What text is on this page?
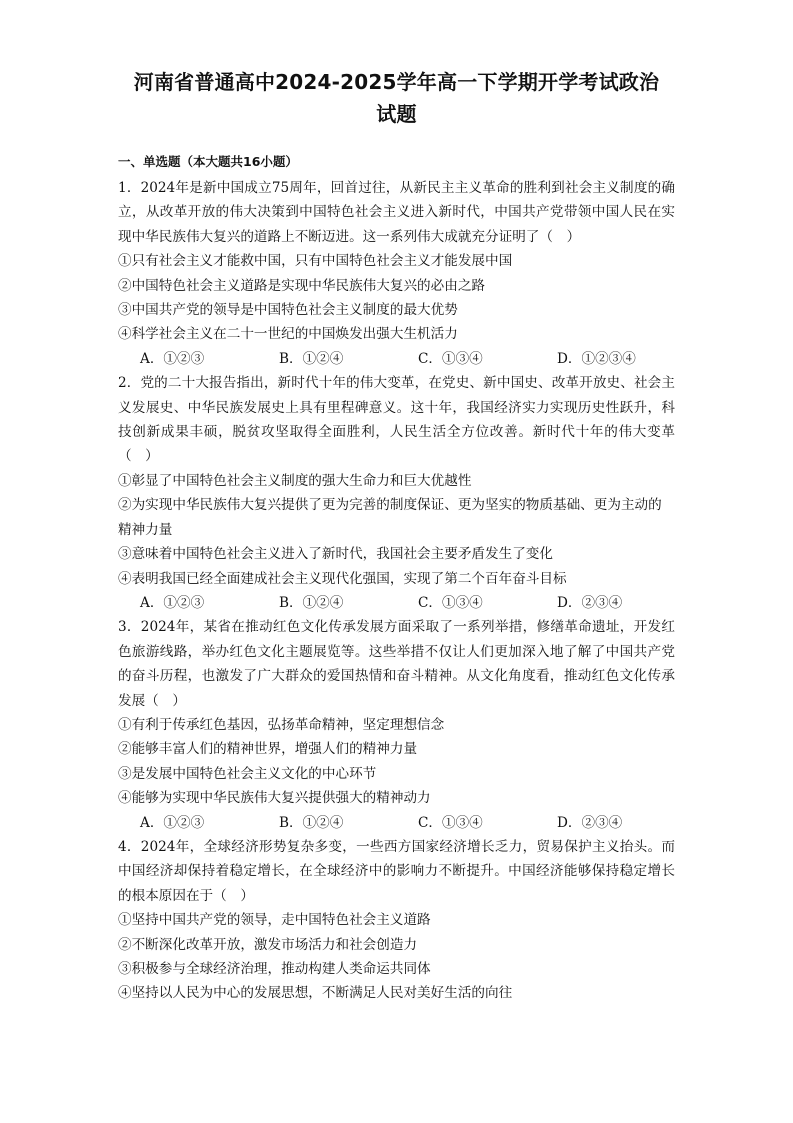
河南省普通高中2024-2025学年高一下学期开学考试政治
试题
一、单选题（本大题共16小题）

1．2024年是新中国成立75周年，回首过往，从新民主主义革命的胜利到社会主义制度的确立，从改革开放的伟大决策到中国特色社会主义进入新时代，中国共产党带领中国人民在实现中华民族伟大复兴的道路上不断迈进。这一系列伟大成就充分证明了（　）

①只有社会主义才能救中国，只有中国特色社会主义才能发展中国

②中国特色社会主义道路是实现中华民族伟大复兴的必由之路

③中国共产党的领导是中国特色社会主义制度的最大优势

④科学社会主义在二十一世纪的中国焕发出强大生机活力

A．①②③	B．①②④	C．①③④	D．①②③④

2．党的二十大报告指出，新时代十年的伟大变革，在党史、新中国史、改革开放史、社会主义发展史、中华民族发展史上具有里程碑意义。这十年，我国经济实力实现历史性跃升，科技创新成果丰硕，脱贫攻坚取得全面胜利，人民生活全方位改善。新时代十年的伟大变革（　）

①彰显了中国特色社会主义制度的强大生命力和巨大优越性

②为实现中华民族伟大复兴提供了更为完善的制度保证、更为坚实的物质基础、更为主动的精神力量

③意味着中国特色社会主义进入了新时代，我国社会主要矛盾发生了变化

④表明我国已经全面建成社会主义现代化强国，实现了第二个百年奋斗目标

A．①②③	B．①②④	C．①③④	D．②③④

3．2024年，某省在推动红色文化传承发展方面采取了一系列举措，修缮革命遗址，开发红色旅游线路，举办红色文化主题展览等。这些举措不仅让人们更加深入地了解了中国共产党的奋斗历程，也激发了广大群众的爱国热情和奋斗精神。从文化角度看，推动红色文化传承发展（　）

①有利于传承红色基因，弘扬革命精神，坚定理想信念

②能够丰富人们的精神世界，增强人们的精神力量

③是发展中国特色社会主义文化的中心环节

④能够为实现中华民族伟大复兴提供强大的精神动力

A．①②③	B．①②④	C．①③④	D．②③④

4．2024年，全球经济形势复杂多变，一些西方国家经济增长乏力，贸易保护主义抬头。而中国经济却保持着稳定增长，在全球经济中的影响力不断提升。中国经济能够保持稳定增长的根本原因在于（　）

①坚持中国共产党的领导，走中国特色社会主义道路

②不断深化改革开放，激发市场活力和社会创造力

③积极参与全球经济治理，推动构建人类命运共同体

④坚持以人民为中心的发展思想，不断满足人民对美好生活的向往
